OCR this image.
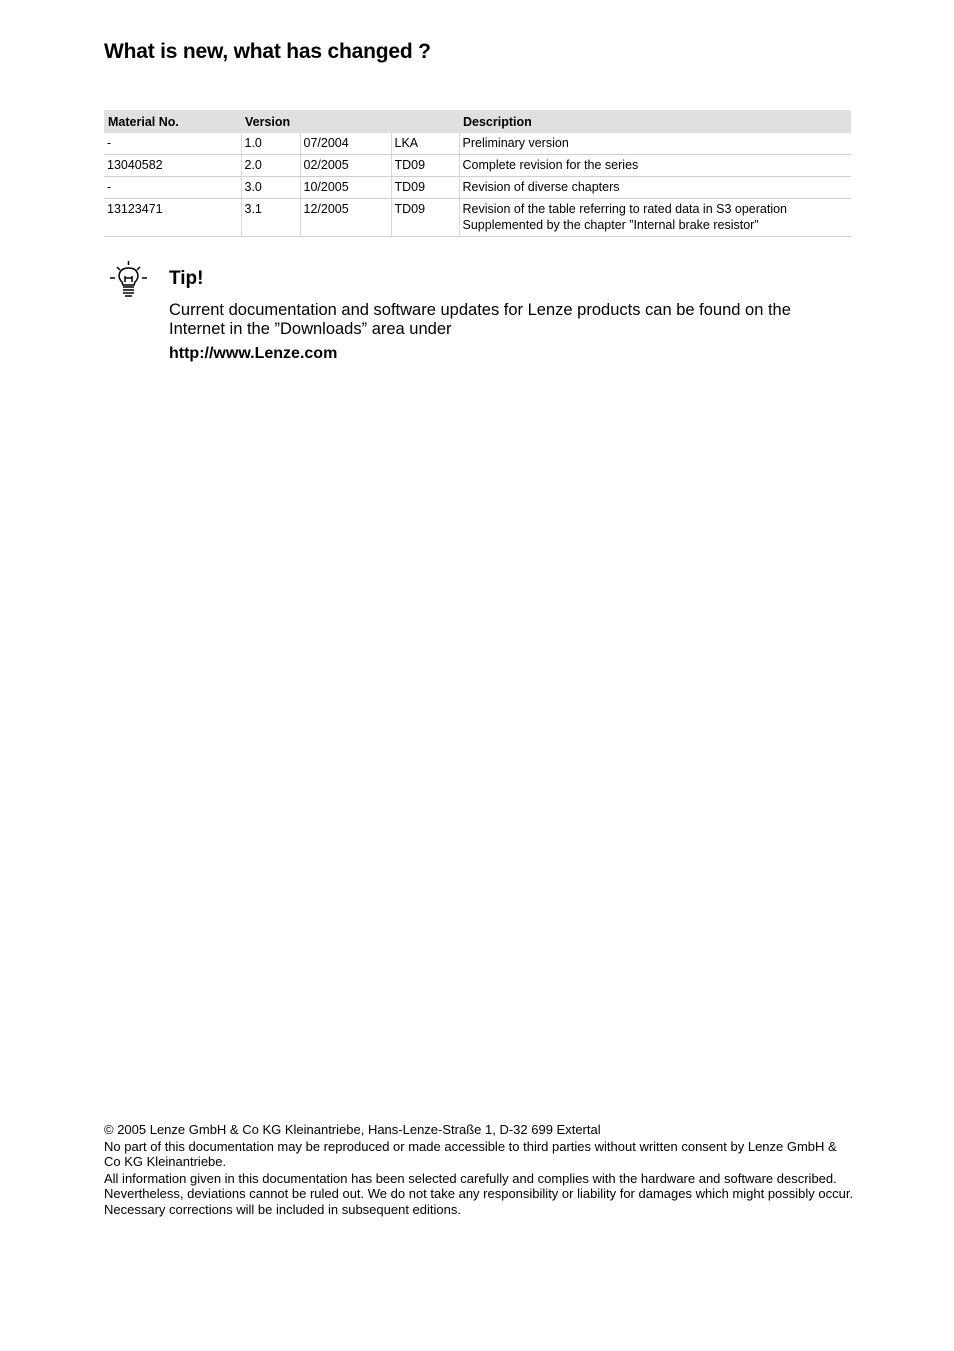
What is new, what has changed ?
Material No.	Version			Description
-	1.0	07/2004	LKA	Preliminary version

13040582	2.0	02/2005	TD09	Complete revision for the series

-	3.0	10/2005	TD09	Revision of diverse chapters

13123471	3.1	12/2005	TD09	Revision of the table referring to rated data in S3 operation
Supplemented by the chapter ”Internal brake resistor”
Tip!

Current documentation and software updates for Lenze products can be found on the Internet in the ”Downloads” area under

http://www.Lenze.com

© 2005 Lenze GmbH & Co KG Kleinantriebe, Hans-Lenze-Straße 1, D-32 699 Extertal

No part of this documentation may be reproduced or made accessible to third parties without written consent by Lenze GmbH & Co KG Kleinantriebe.

All information given in this documentation has been selected carefully and complies with the hardware and software described. Nevertheless, deviations cannot be ruled out. We do not take any responsibility or liability for damages which might possibly occur. Necessary corrections will be included in subsequent editions.
